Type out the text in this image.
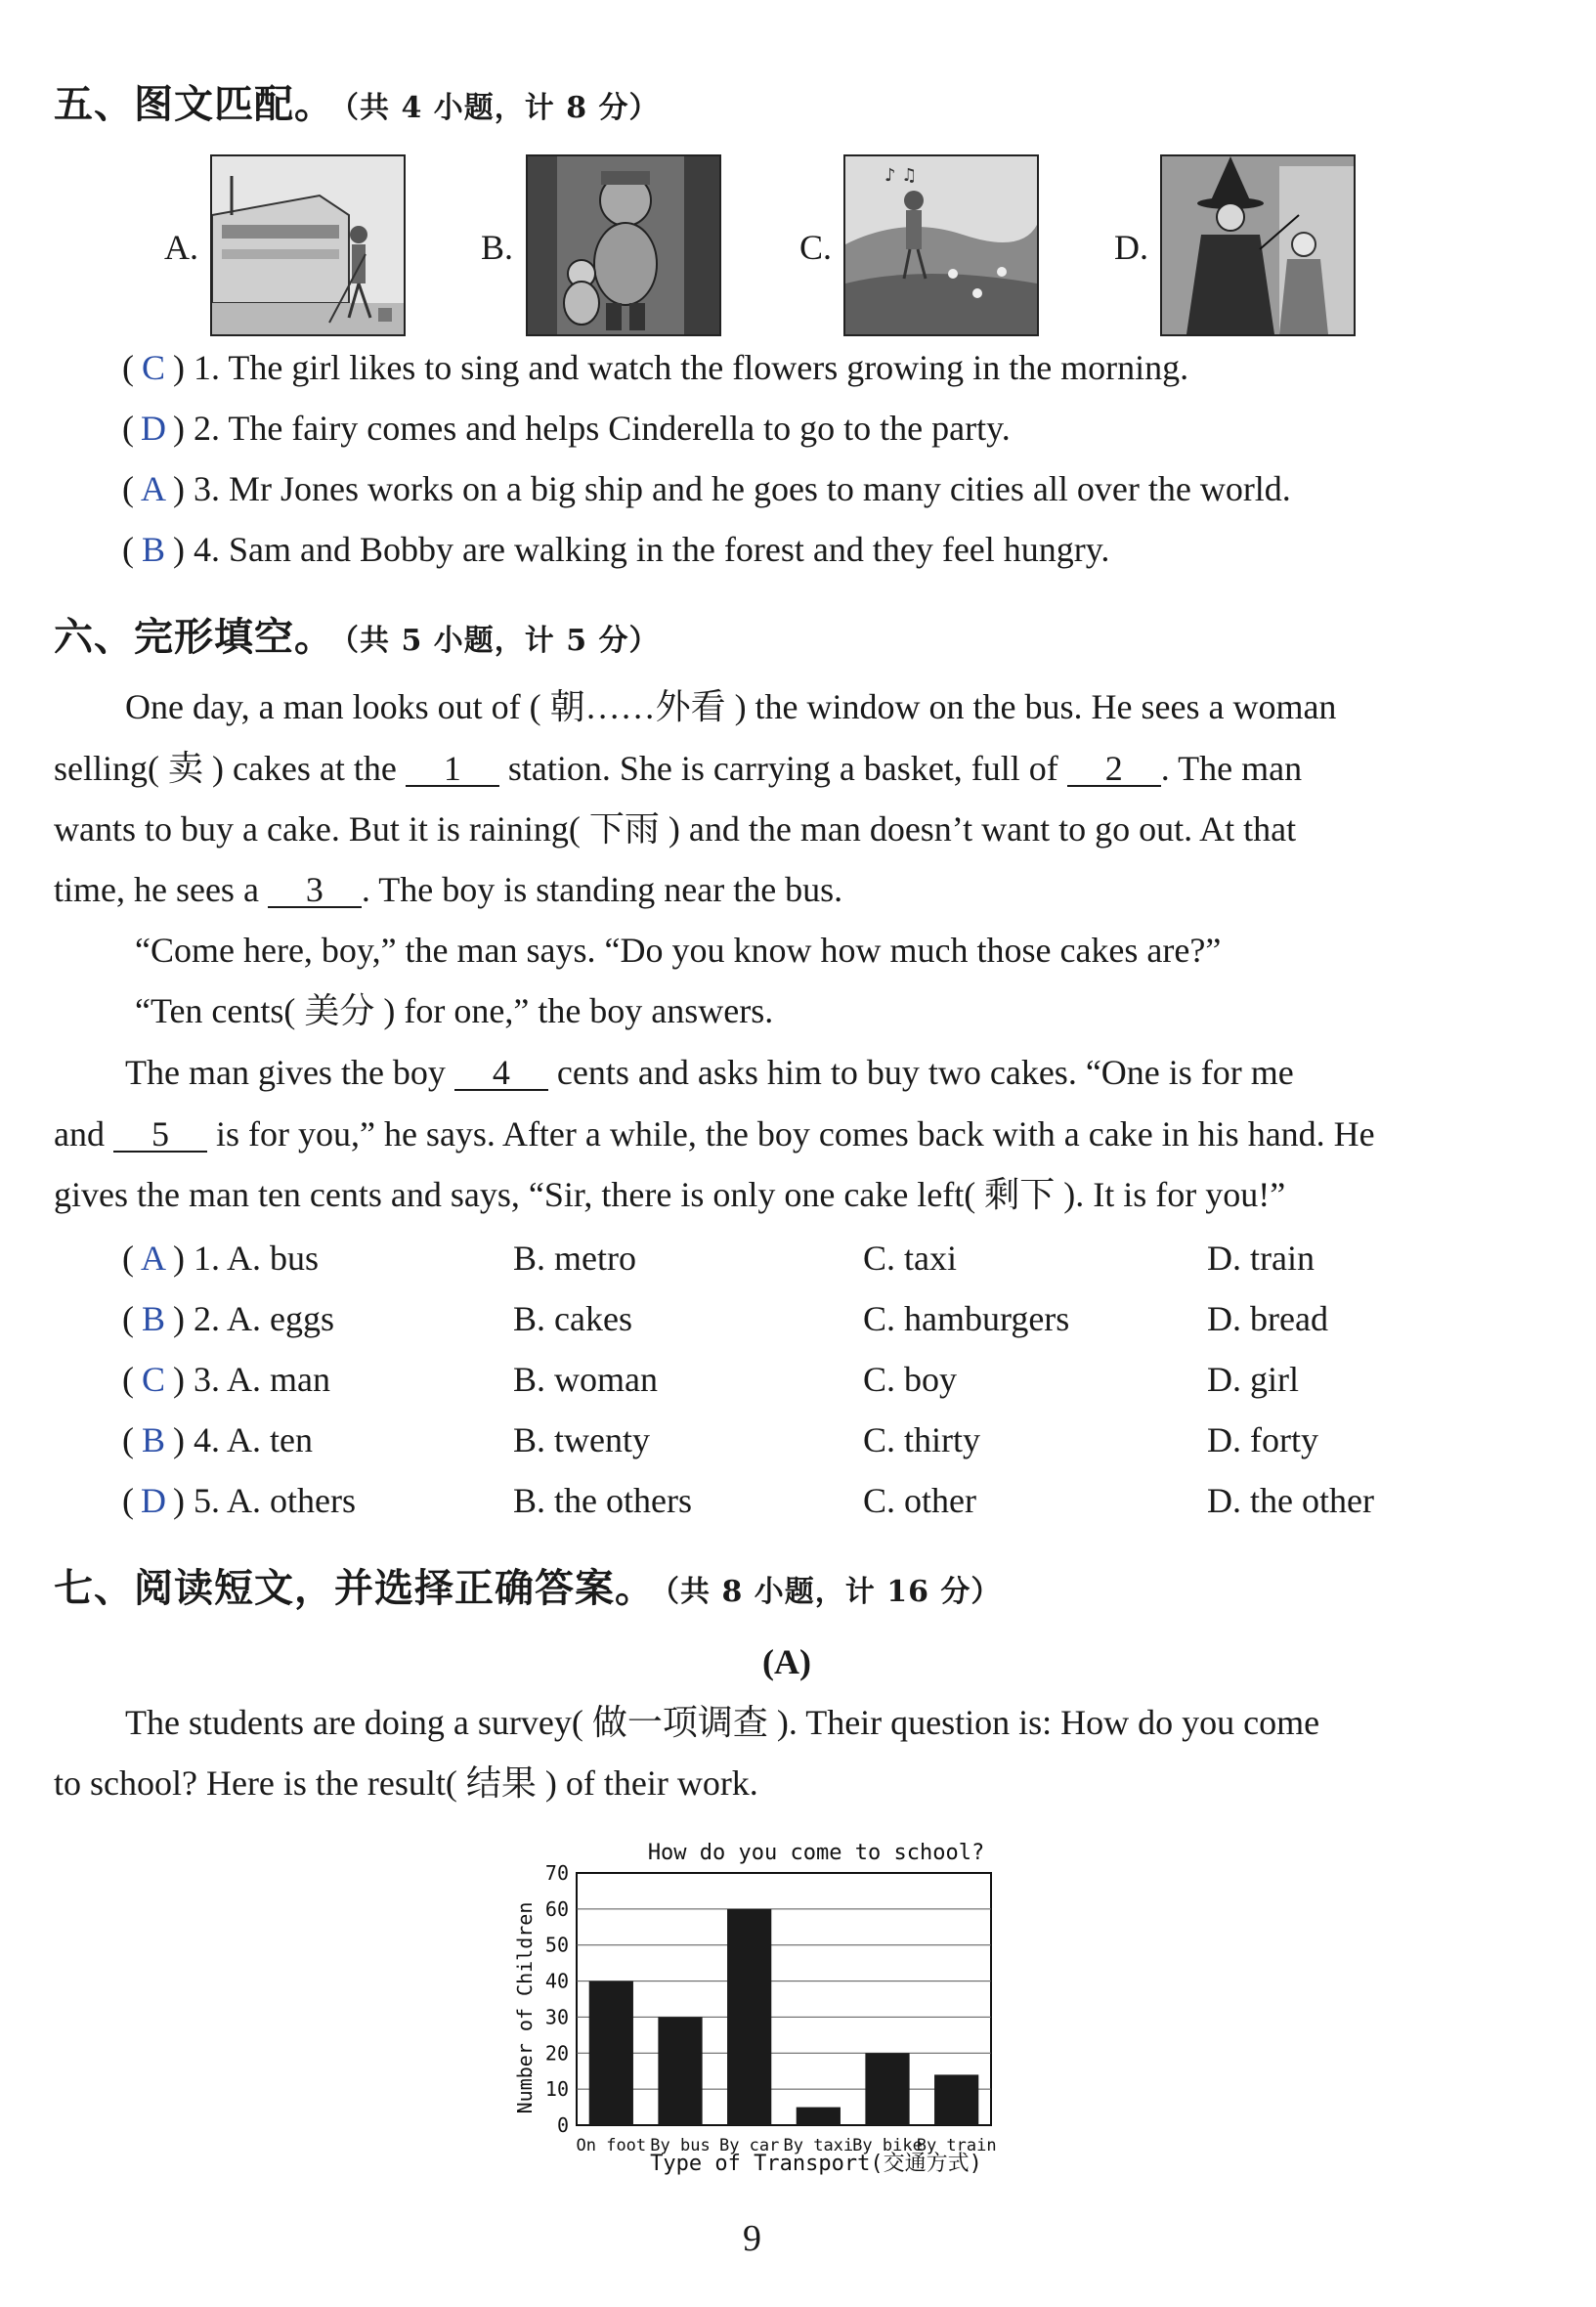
五、图文匹配。 （共 4 小题，计 8 分）
A.	B.	C.
♪ ♫
D.
( C ) 1. The girl likes to sing and watch the flowers growing in the morning.
( D ) 2. The fairy comes and helps Cinderella to go to the party.
( A ) 3. Mr Jones works on a big ship and he goes to many cities all over the world.
( B ) 4. Sam and Bobby are walking in the forest and they feel hungry.
六、完形填空。 （共 5 小题，计 5 分）
One day, a man looks out of ( 朝……外看 ) the window on the bus. He sees a woman
selling( 卖 ) cakes at the 1 station. She is carrying a basket, full of 2 . The man
wants to buy a cake. But it is raining( 下雨 ) and the man doesn’t want to go out. At that
time, he sees a 3 . The boy is standing near the bus.
“Come here, boy,” the man says. “Do you know how much those cakes are?”
“Ten cents( 美分 ) for one,” the boy answers.
The man gives the boy 4 cents and asks him to buy two cakes. “One is for me
and 5 is for you,” he says. After a while, the boy comes back with a cake in his hand. He
gives the man ten cents and says, “Sir, there is only one cake left( 剩下 ). It is for you!”
( A ) 1. A. bus	B. metro	C. taxi	D. train
( B ) 2. A. eggs	B. cakes	C. hamburgers	D. bread
( C ) 3. A. man	B. woman	C. boy	D. girl
( B ) 4. A. ten	B. twenty	C. thirty	D. forty
( D ) 5. A. others	B. the others	C. other	D. the other
七、阅读短文，并选择正确答案。 （共 8 小题，计 16 分）
(A)
The students are doing a survey( 做一项调查 ). Their question is: How do you come
to school? Here is the result( 结果 ) of their work.
How do you come to school?
0
10
20
30
40
50
60
70
On foot By bus By car By taxi By bike
By train
Number of Children
Type of Transport(交通方式)
9
